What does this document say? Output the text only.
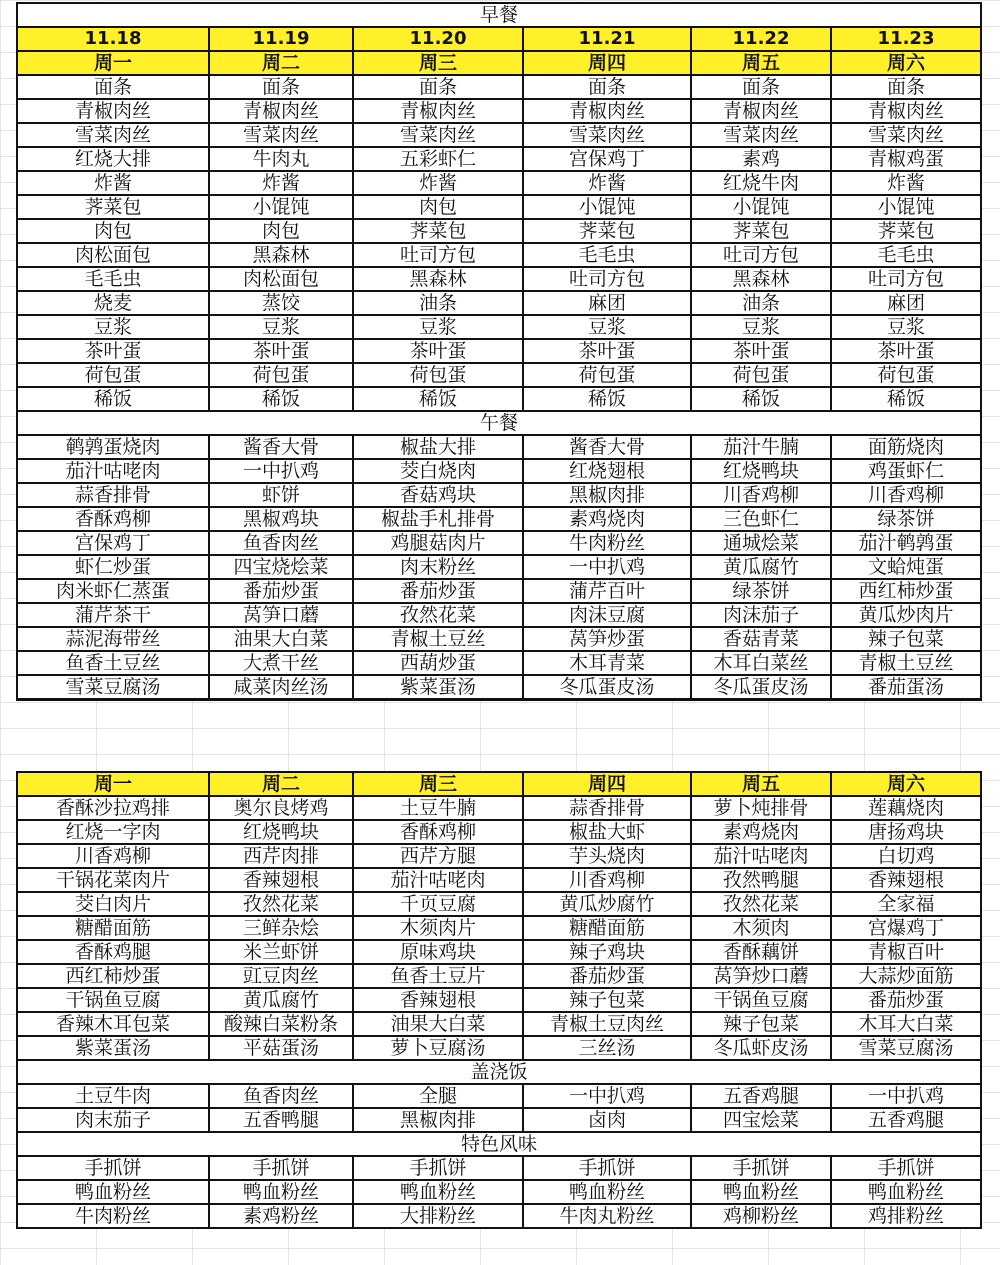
早餐					
11.18	11.19	11.20	11.21	11.22	11.23
周一	周二	周三	周四	周五	周六
面条	面条	面条	面条	面条	面条
青椒肉丝	青椒肉丝	青椒肉丝	青椒肉丝	青椒肉丝	青椒肉丝
雪菜肉丝	雪菜肉丝	雪菜肉丝	雪菜肉丝	雪菜肉丝	雪菜肉丝
红烧大排	牛肉丸	五彩虾仁	宫保鸡丁	素鸡	青椒鸡蛋
炸酱	炸酱	炸酱	炸酱	红烧牛肉	炸酱
荠菜包	小馄饨	肉包	小馄饨	小馄饨	小馄饨
肉包	肉包	荠菜包	荠菜包	荠菜包	荠菜包
肉松面包	黑森林	吐司方包	毛毛虫	吐司方包	毛毛虫
毛毛虫	肉松面包	黑森林	吐司方包	黑森林	吐司方包
烧麦	蒸饺	油条	麻团	油条	麻团
豆浆	豆浆	豆浆	豆浆	豆浆	豆浆
茶叶蛋	茶叶蛋	茶叶蛋	茶叶蛋	茶叶蛋	茶叶蛋
荷包蛋	荷包蛋	荷包蛋	荷包蛋	荷包蛋	荷包蛋
稀饭	稀饭	稀饭	稀饭	稀饭	稀饭
午餐					
鹌鹑蛋烧肉	酱香大骨	椒盐大排	酱香大骨	茄汁牛腩	面筋烧肉
茄汁咕咾肉	一中扒鸡	茭白烧肉	红烧翅根	红烧鸭块	鸡蛋虾仁
蒜香排骨	虾饼	香菇鸡块	黑椒肉排	川香鸡柳	川香鸡柳
香酥鸡柳	黑椒鸡块	椒盐手札排骨	素鸡烧肉	三色虾仁	绿茶饼
宫保鸡丁	鱼香肉丝	鸡腿菇肉片	牛肉粉丝	通城烩菜	茄汁鹌鹑蛋
虾仁炒蛋	四宝烧烩菜	肉末粉丝	一中扒鸡	黄瓜腐竹	文蛤炖蛋
肉米虾仁蒸蛋	番茄炒蛋	番茄炒蛋	蒲芹百叶	绿茶饼	西红柿炒蛋
蒲芹茶干	莴笋口蘑	孜然花菜	肉沫豆腐	肉沫茄子	黄瓜炒肉片
蒜泥海带丝	油果大白菜	青椒土豆丝	莴笋炒蛋	香菇青菜	辣子包菜
鱼香土豆丝	大煮干丝	西葫炒蛋	木耳青菜	木耳白菜丝	青椒土豆丝
雪菜豆腐汤	咸菜肉丝汤	紫菜蛋汤	冬瓜蛋皮汤	冬瓜蛋皮汤	番茄蛋汤
周一	周二	周三	周四	周五	周六
香酥沙拉鸡排	奥尔良烤鸡	土豆牛腩	蒜香排骨	萝卜炖排骨	莲藕烧肉
红烧一字肉	红烧鸭块	香酥鸡柳	椒盐大虾	素鸡烧肉	唐扬鸡块
川香鸡柳	西芹肉排	西芹方腿	芋头烧肉	茄汁咕咾肉	白切鸡
干锅花菜肉片	香辣翅根	茄汁咕咾肉	川香鸡柳	孜然鸭腿	香辣翅根
茭白肉片	孜然花菜	千页豆腐	黄瓜炒腐竹	孜然花菜	全家福
糖醋面筋	三鲜杂烩	木须肉片	糖醋面筋	木须肉	宫爆鸡丁
香酥鸡腿	米兰虾饼	原味鸡块	辣子鸡块	香酥藕饼	青椒百叶
西红柿炒蛋	豇豆肉丝	鱼香土豆片	番茄炒蛋	莴笋炒口蘑	大蒜炒面筋
干锅鱼豆腐	黄瓜腐竹	香辣翅根	辣子包菜	干锅鱼豆腐	番茄炒蛋
香辣木耳包菜	酸辣白菜粉条	油果大白菜	青椒土豆肉丝	辣子包菜	木耳大白菜
紫菜蛋汤	平菇蛋汤	萝卜豆腐汤	三丝汤	冬瓜虾皮汤	雪菜豆腐汤
盖浇饭					
土豆牛肉	鱼香肉丝	全腿	一中扒鸡	五香鸡腿	一中扒鸡
肉末茄子	五香鸭腿	黑椒肉排	卤肉	四宝烩菜	五香鸡腿
特色风味					
手抓饼	手抓饼	手抓饼	手抓饼	手抓饼	手抓饼
鸭血粉丝	鸭血粉丝	鸭血粉丝	鸭血粉丝	鸭血粉丝	鸭血粉丝
牛肉粉丝	素鸡粉丝	大排粉丝	牛肉丸粉丝	鸡柳粉丝	鸡排粉丝
